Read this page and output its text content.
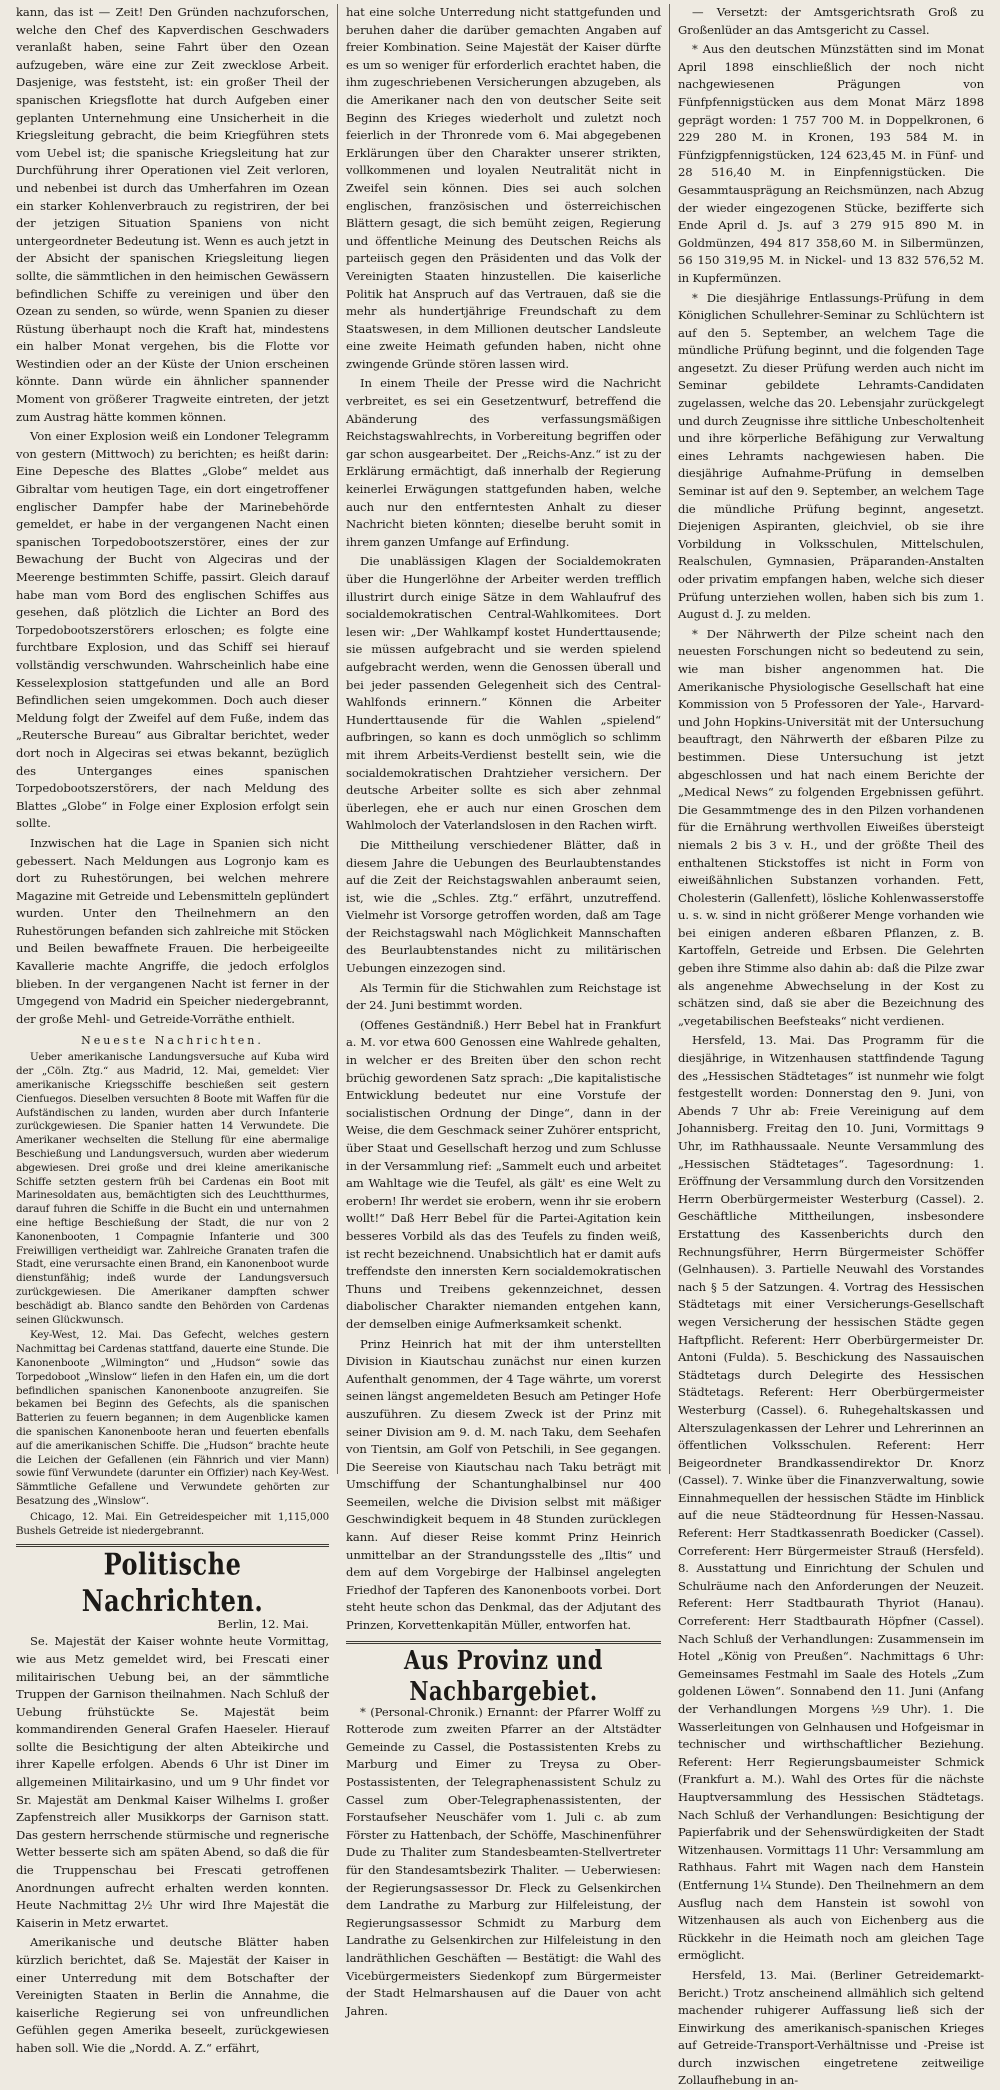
kann, das ist — Zeit! Den Gründen nachzuforschen, welche den Chef des Kapverdischen Geschwaders veranlaßt haben, seine Fahrt über den Ozean aufzugeben, wäre eine zur Zeit zwecklose Arbeit. Dasjenige, was feststeht, ist: ein großer Theil der spanischen Kriegsflotte hat durch Aufgeben einer geplanten Unternehmung eine Unsicherheit in die Kriegsleitung gebracht, die beim Kriegführen stets vom Uebel ist; die spanische Kriegsleitung hat zur Durchführung ihrer Operationen viel Zeit verloren, und nebenbei ist durch das Umherfahren im Ozean ein starker Kohlenverbrauch zu registriren, der bei der jetzigen Situation Spaniens von nicht untergeordneter Bedeutung ist. Wenn es auch jetzt in der Absicht der spanischen Kriegsleitung liegen sollte, die sämmtlichen in den heimischen Gewässern befindlichen Schiffe zu vereinigen und über den Ozean zu senden, so würde, wenn Spanien zu dieser Rüstung überhaupt noch die Kraft hat, mindestens ein halber Monat vergehen, bis die Flotte vor Westindien oder an der Küste der Union erscheinen könnte. Dann würde ein ähnlicher spannender Moment von größerer Tragweite eintreten, der jetzt zum Austrag hätte kommen können.

Von einer Explosion weiß ein Londoner Telegramm von gestern (Mittwoch) zu berichten; es heißt darin: Eine Depesche des Blattes „Globe“ meldet aus Gibraltar vom heutigen Tage, ein dort eingetroffener englischer Dampfer habe der Marinebehörde gemeldet, er habe in der vergangenen Nacht einen spanischen Torpedobootszerstörer, eines der zur Bewachung der Bucht von Algeciras und der Meerenge bestimmten Schiffe, passirt. Gleich darauf habe man vom Bord des englischen Schiffes aus gesehen, daß plötzlich die Lichter an Bord des Torpedobootszerstörers erloschen; es folgte eine furchtbare Explosion, und das Schiff sei hierauf vollständig verschwunden. Wahrscheinlich habe eine Kesselexplosion stattgefunden und alle an Bord Befindlichen seien umgekommen. Doch auch dieser Meldung folgt der Zweifel auf dem Fuße, indem das „Reutersche Bureau“ aus Gibraltar berichtet, weder dort noch in Algeciras sei etwas bekannt, bezüglich des Unterganges eines spanischen Torpedobootszerstörers, der nach Meldung des Blattes „Globe“ in Folge einer Explosion erfolgt sein sollte.

Inzwischen hat die Lage in Spanien sich nicht gebessert. Nach Meldungen aus Logronjo kam es dort zu Ruhestörungen, bei welchen mehrere Magazine mit Getreide und Lebensmitteln geplündert wurden. Unter den Theilnehmern an den Ruhestörungen befanden sich zahlreiche mit Stöcken und Beilen bewaffnete Frauen. Die herbeigeeilte Kavallerie machte Angriffe, die jedoch erfolglos blieben. In der vergangenen Nacht ist ferner in der Umgegend von Madrid ein Speicher niedergebrannt, der große Mehl- und Getreide-Vorräthe enthielt.

Neueste Nachrichten.

Ueber amerikanische Landungsversuche auf Kuba wird der „Cöln. Ztg.“ aus Madrid, 12. Mai, gemeldet: Vier amerikanische Kriegsschiffe beschießen seit gestern Cienfuegos. Dieselben versuchten 8 Boote mit Waffen für die Aufständischen zu landen, wurden aber durch Infanterie zurückgewiesen. Die Spanier hatten 14 Verwundete. Die Amerikaner wechselten die Stellung für eine abermalige Beschießung und Landungsversuch, wurden aber wiederum abgewiesen. Drei große und drei kleine amerikanische Schiffe setzten gestern früh bei Cardenas ein Boot mit Marinesoldaten aus, bemächtigten sich des Leuchtthurmes, darauf fuhren die Schiffe in die Bucht ein und unternahmen eine heftige Beschießung der Stadt, die nur von 2 Kanonenbooten, 1 Compagnie Infanterie und 300 Freiwilligen vertheidigt war. Zahlreiche Granaten trafen die Stadt, eine verursachte einen Brand, ein Kanonenboot wurde dienstunfähig; indeß wurde der Landungsversuch zurückgewiesen. Die Amerikaner dampften schwer beschädigt ab. Blanco sandte den Behörden von Cardenas seinen Glückwunsch.

Key-West, 12. Mai. Das Gefecht, welches gestern Nachmittag bei Cardenas stattfand, dauerte eine Stunde. Die Kanonenboote „Wilmington“ und „Hudson“ sowie das Torpedoboot „Winslow“ liefen in den Hafen ein, um die dort befindlichen spanischen Kanonenboote anzugreifen. Sie bekamen bei Beginn des Gefechts, als die spanischen Batterien zu feuern begannen; in dem Augenblicke kamen die spanischen Kanonenboote heran und feuerten ebenfalls auf die amerikanischen Schiffe. Die „Hudson“ brachte heute die Leichen der Gefallenen (ein Fähnrich und vier Mann) sowie fünf Verwundete (darunter ein Offizier) nach Key-West. Sämmtliche Gefallene und Verwundete gehörten zur Besatzung des „Winslow“.

Chicago, 12. Mai. Ein Getreidespeicher mit 1,115,000 Bushels Getreide ist niedergebrannt.

Politische Nachrichten.
Berlin, 12. Mai.

Se. Majestät der Kaiser wohnte heute Vormittag, wie aus Metz gemeldet wird, bei Frescati einer militairischen Uebung bei, an der sämmtliche Truppen der Garnison theilnahmen. Nach Schluß der Uebung frühstückte Se. Majestät beim kommandirenden General Grafen Haeseler. Hierauf sollte die Besichtigung der alten Abteikirche und ihrer Kapelle erfolgen. Abends 6 Uhr ist Diner im allgemeinen Militairkasino, und um 9 Uhr findet vor Sr. Majestät am Denkmal Kaiser Wilhelms I. großer Zapfenstreich aller Musikkorps der Garnison statt. Das gestern herrschende stürmische und regnerische Wetter besserte sich am späten Abend, so daß die für die Truppenschau bei Frescati getroffenen Anordnungen aufrecht erhalten werden konnten. Heute Nachmittag 2½ Uhr wird Ihre Majestät die Kaiserin in Metz erwartet.

Amerikanische und deutsche Blätter haben kürzlich berichtet, daß Se. Majestät der Kaiser in einer Unterredung mit dem Botschafter der Vereinigten Staaten in Berlin die Annahme, die kaiserliche Regierung sei von unfreundlichen Gefühlen gegen Amerika beseelt, zurückgewiesen haben soll. Wie die „Nordd. A. Z.“ erfährt,

hat eine solche Unterredung nicht stattgefunden und beruhen daher die darüber gemachten Angaben auf freier Kombination. Seine Majestät der Kaiser dürfte es um so weniger für erforderlich erachtet haben, die ihm zugeschriebenen Versicherungen abzugeben, als die Amerikaner nach den von deutscher Seite seit Beginn des Krieges wiederholt und zuletzt noch feierlich in der Thronrede vom 6. Mai abgegebenen Erklärungen über den Charakter unserer strikten, vollkommenen und loyalen Neutralität nicht in Zweifel sein können. Dies sei auch solchen englischen, französischen und österreichischen Blättern gesagt, die sich bemüht zeigen, Regierung und öffentliche Meinung des Deutschen Reichs als parteiisch gegen den Präsidenten und das Volk der Vereinigten Staaten hinzustellen. Die kaiserliche Politik hat Anspruch auf das Vertrauen, daß sie die mehr als hundertjährige Freundschaft zu dem Staatswesen, in dem Millionen deutscher Landsleute eine zweite Heimath gefunden haben, nicht ohne zwingende Gründe stören lassen wird.

In einem Theile der Presse wird die Nachricht verbreitet, es sei ein Gesetzentwurf, betreffend die Abänderung des verfassungsmäßigen Reichstagswahlrechts, in Vorbereitung begriffen oder gar schon ausgearbeitet. Der „Reichs-Anz.“ ist zu der Erklärung ermächtigt, daß innerhalb der Regierung keinerlei Erwägungen stattgefunden haben, welche auch nur den entferntesten Anhalt zu dieser Nachricht bieten könnten; dieselbe beruht somit in ihrem ganzen Umfange auf Erfindung.

Die unablässigen Klagen der Socialdemokraten über die Hungerlöhne der Arbeiter werden trefflich illustrirt durch einige Sätze in dem Wahlaufruf des socialdemokratischen Central-Wahlkomitees. Dort lesen wir: „Der Wahlkampf kostet Hunderttausende; sie müssen aufgebracht und sie werden spielend aufgebracht werden, wenn die Genossen überall und bei jeder passenden Gelegenheit sich des Central-Wahlfonds erinnern.“ Können die Arbeiter Hunderttausende für die Wahlen „spielend“ aufbringen, so kann es doch unmöglich so schlimm mit ihrem Arbeits-Verdienst bestellt sein, wie die socialdemokratischen Drahtzieher versichern. Der deutsche Arbeiter sollte es sich aber zehnmal überlegen, ehe er auch nur einen Groschen dem Wahlmoloch der Vaterlandslosen in den Rachen wirft.

Die Mittheilung verschiedener Blätter, daß in diesem Jahre die Uebungen des Beurlaubtenstandes auf die Zeit der Reichstagswahlen anberaumt seien, ist, wie die „Schles. Ztg.“ erfährt, unzutreffend. Vielmehr ist Vorsorge getroffen worden, daß am Tage der Reichstagswahl nach Möglichkeit Mannschaften des Beurlaubtenstandes nicht zu militärischen Uebungen einzezogen sind.

Als Termin für die Stichwahlen zum Reichstage ist der 24. Juni bestimmt worden.

(Offenes Geständniß.) Herr Bebel hat in Frankfurt a. M. vor etwa 600 Genossen eine Wahlrede gehalten, in welcher er des Breiten über den schon recht brüchig gewordenen Satz sprach: „Die kapitalistische Entwicklung bedeutet nur eine Vorstufe der socialistischen Ordnung der Dinge“, dann in der Weise, die dem Geschmack seiner Zuhörer entspricht, über Staat und Gesellschaft herzog und zum Schlusse in der Versammlung rief: „Sammelt euch und arbeitet am Wahltage wie die Teufel, als gält' es eine Welt zu erobern! Ihr werdet sie erobern, wenn ihr sie erobern wollt!“ Daß Herr Bebel für die Partei-Agitation kein besseres Vorbild als das des Teufels zu finden weiß, ist recht bezeichnend. Unabsichtlich hat er damit aufs treffendste den innersten Kern socialdemokratischen Thuns und Treibens gekennzeichnet, dessen diabolischer Charakter niemanden entgehen kann, der demselben einige Aufmerksamkeit schenkt.

Prinz Heinrich hat mit der ihm unterstellten Division in Kiautschau zunächst nur einen kurzen Aufenthalt genommen, der 4 Tage währte, um vorerst seinen längst angemeldeten Besuch am Petinger Hofe auszuführen. Zu diesem Zweck ist der Prinz mit seiner Division am 9. d. M. nach Taku, dem Seehafen von Tientsin, am Golf von Petschili, in See gegangen. Die Seereise von Kiautschau nach Taku beträgt mit Umschiffung der Schantunghalbinsel nur 400 Seemeilen, welche die Division selbst mit mäßiger Geschwindigkeit bequem in 48 Stunden zurücklegen kann. Auf dieser Reise kommt Prinz Heinrich unmittelbar an der Strandungsstelle des „Iltis“ und dem auf dem Vorgebirge der Halbinsel angelegten Friedhof der Tapferen des Kanonenboots vorbei. Dort steht heute schon das Denkmal, das der Adjutant des Prinzen, Korvettenkapitän Müller, entworfen hat.

Aus Provinz und Nachbargebiet.

* (Personal-Chronik.) Ernannt: der Pfarrer Wolff zu Rotterode zum zweiten Pfarrer an der Altstädter Gemeinde zu Cassel, die Postassistenten Krebs zu Marburg und Eimer zu Treysa zu Ober-Postassistenten, der Telegraphenassistent Schulz zu Cassel zum Ober-Telegraphenassistenten, der Forstaufseher Neuschäfer vom 1. Juli c. ab zum Förster zu Hattenbach, der Schöffe, Maschinenführer Dude zu Thaliter zum Standesbeamten-Stellvertreter für den Standesamtsbezirk Thaliter. — Ueberwiesen: der Regierungsassessor Dr. Fleck zu Gelsenkirchen dem Landrathe zu Marburg zur Hilfeleistung, der Regierungsassessor Schmidt zu Marburg dem Landrathe zu Gelsenkirchen zur Hilfeleistung in den landräthlichen Geschäften — Bestätigt: die Wahl des Vicebürgermeisters Siedenkopf zum Bürgermeister der Stadt Helmarshausen auf die Dauer von acht Jahren.

— Versetzt: der Amtsgerichtsrath Groß zu Großenlüder an das Amtsgericht zu Cassel.

* Aus den deutschen Münzstätten sind im Monat April 1898 einschließlich der noch nicht nachgewiesenen Prägungen von Fünfpfennigstücken aus dem Monat März 1898 geprägt worden: 1 757 700 M. in Doppelkronen, 6 229 280 M. in Kronen, 193 584 M. in Fünfzigpfennigstücken, 124 623,45 M. in Fünf- und 28 516,40 M. in Einpfennigstücken. Die Gesammtausprägung an Reichsmünzen, nach Abzug der wieder eingezogenen Stücke, bezifferte sich Ende April d. Js. auf 3 279 915 890 M. in Goldmünzen, 494 817 358,60 M. in Silbermünzen, 56 150 319,95 M. in Nickel- und 13 832 576,52 M. in Kupfermünzen.

* Die diesjährige Entlassungs-Prüfung in dem Königlichen Schullehrer-Seminar zu Schlüchtern ist auf den 5. September, an welchem Tage die mündliche Prüfung beginnt, und die folgenden Tage angesetzt. Zu dieser Prüfung werden auch nicht im Seminar gebildete Lehramts-Candidaten zugelassen, welche das 20. Lebensjahr zurückgelegt und durch Zeugnisse ihre sittliche Unbescholtenheit und ihre körperliche Befähigung zur Verwaltung eines Lehramts nachgewiesen haben. Die diesjährige Aufnahme-Prüfung in demselben Seminar ist auf den 9. September, an welchem Tage die mündliche Prüfung beginnt, angesetzt. Diejenigen Aspiranten, gleichviel, ob sie ihre Vorbildung in Volksschulen, Mittelschulen, Realschulen, Gymnasien, Präparanden-Anstalten oder privatim empfangen haben, welche sich dieser Prüfung unterziehen wollen, haben sich bis zum 1. August d. J. zu melden.

* Der Nährwerth der Pilze scheint nach den neuesten Forschungen nicht so bedeutend zu sein, wie man bisher angenommen hat. Die Amerikanische Physiologische Gesellschaft hat eine Kommission von 5 Professoren der Yale-, Harvard- und John Hopkins-Universität mit der Untersuchung beauftragt, den Nährwerth der eßbaren Pilze zu bestimmen. Diese Untersuchung ist jetzt abgeschlossen und hat nach einem Berichte der „Medical News“ zu folgenden Ergebnissen geführt. Die Gesammtmenge des in den Pilzen vorhandenen für die Ernährung werthvollen Eiweißes übersteigt niemals 2 bis 3 v. H., und der größte Theil des enthaltenen Stickstoffes ist nicht in Form von eiweißähnlichen Substanzen vorhanden. Fett, Cholesterin (Gallenfett), lösliche Kohlenwasserstoffe u. s. w. sind in nicht größerer Menge vorhanden wie bei einigen anderen eßbaren Pflanzen, z. B. Kartoffeln, Getreide und Erbsen. Die Gelehrten geben ihre Stimme also dahin ab: daß die Pilze zwar als angenehme Abwechselung in der Kost zu schätzen sind, daß sie aber die Bezeichnung des „vegetabilischen Beefsteaks“ nicht verdienen.

Hersfeld, 13. Mai. Das Programm für die diesjährige, in Witzenhausen stattfindende Tagung des „Hessischen Städtetages“ ist nunmehr wie folgt festgestellt worden: Donnerstag den 9. Juni, von Abends 7 Uhr ab: Freie Vereinigung auf dem Johannisberg. Freitag den 10. Juni, Vormittags 9 Uhr, im Rathhaussaale. Neunte Versammlung des „Hessischen Städtetages“. Tagesordnung: 1. Eröffnung der Versammlung durch den Vorsitzenden Herrn Oberbürgermeister Westerburg (Cassel). 2. Geschäftliche Mittheilungen, insbesondere Erstattung des Kassenberichts durch den Rechnungsführer, Herrn Bürgermeister Schöffer (Gelnhausen). 3. Partielle Neuwahl des Vorstandes nach § 5 der Satzungen. 4. Vortrag des Hessischen Städtetags mit einer Versicherungs-Gesellschaft wegen Versicherung der hessischen Städte gegen Haftpflicht. Referent: Herr Oberbürgermeister Dr. Antoni (Fulda). 5. Beschickung des Nassauischen Städtetags durch Delegirte des Hessischen Städtetags. Referent: Herr Oberbürgermeister Westerburg (Cassel). 6. Ruhegehaltskassen und Alterszulagenkassen der Lehrer und Lehrerinnen an öffentlichen Volksschulen. Referent: Herr Beigeordneter Brandkassendirektor Dr. Knorz (Cassel). 7. Winke über die Finanzverwaltung, sowie Einnahmequellen der hessischen Städte im Hinblick auf die neue Städteordnung für Hessen-Nassau. Referent: Herr Stadtkassenrath Boedicker (Cassel). Correferent: Herr Bürgermeister Strauß (Hersfeld). 8. Ausstattung und Einrichtung der Schulen und Schulräume nach den Anforderungen der Neuzeit. Referent: Herr Stadtbaurath Thyriot (Hanau). Correferent: Herr Stadtbaurath Höpfner (Cassel). Nach Schluß der Verhandlungen: Zusammensein im Hotel „König von Preußen“. Nachmittags 6 Uhr: Gemeinsames Festmahl im Saale des Hotels „Zum goldenen Löwen“. Sonnabend den 11. Juni (Anfang der Verhandlungen Morgens ½9 Uhr). 1. Die Wasserleitungen von Gelnhausen und Hofgeismar in technischer und wirthschaftlicher Beziehung. Referent: Herr Regierungsbaumeister Schmick (Frankfurt a. M.). Wahl des Ortes für die nächste Hauptversammlung des Hessischen Städtetags. Nach Schluß der Verhandlungen: Besichtigung der Papierfabrik und der Sehenswürdigkeiten der Stadt Witzenhausen. Vormittags 11 Uhr: Versammlung am Rathhaus. Fahrt mit Wagen nach dem Hanstein (Entfernung 1¼ Stunde). Den Theilnehmern an dem Ausflug nach dem Hanstein ist sowohl von Witzenhausen als auch von Eichenberg aus die Rückkehr in die Heimath noch am gleichen Tage ermöglicht.

Hersfeld, 13. Mai. (Berliner Getreidemarkt-Bericht.) Trotz anscheinend allmählich sich geltend machender ruhigerer Auffassung ließ sich der Einwirkung des amerikanisch-spanischen Krieges auf Getreide-Transport-Verhältnisse und -Preise ist durch inzwischen eingetretene zeitweilige Zollaufhebung in an-
